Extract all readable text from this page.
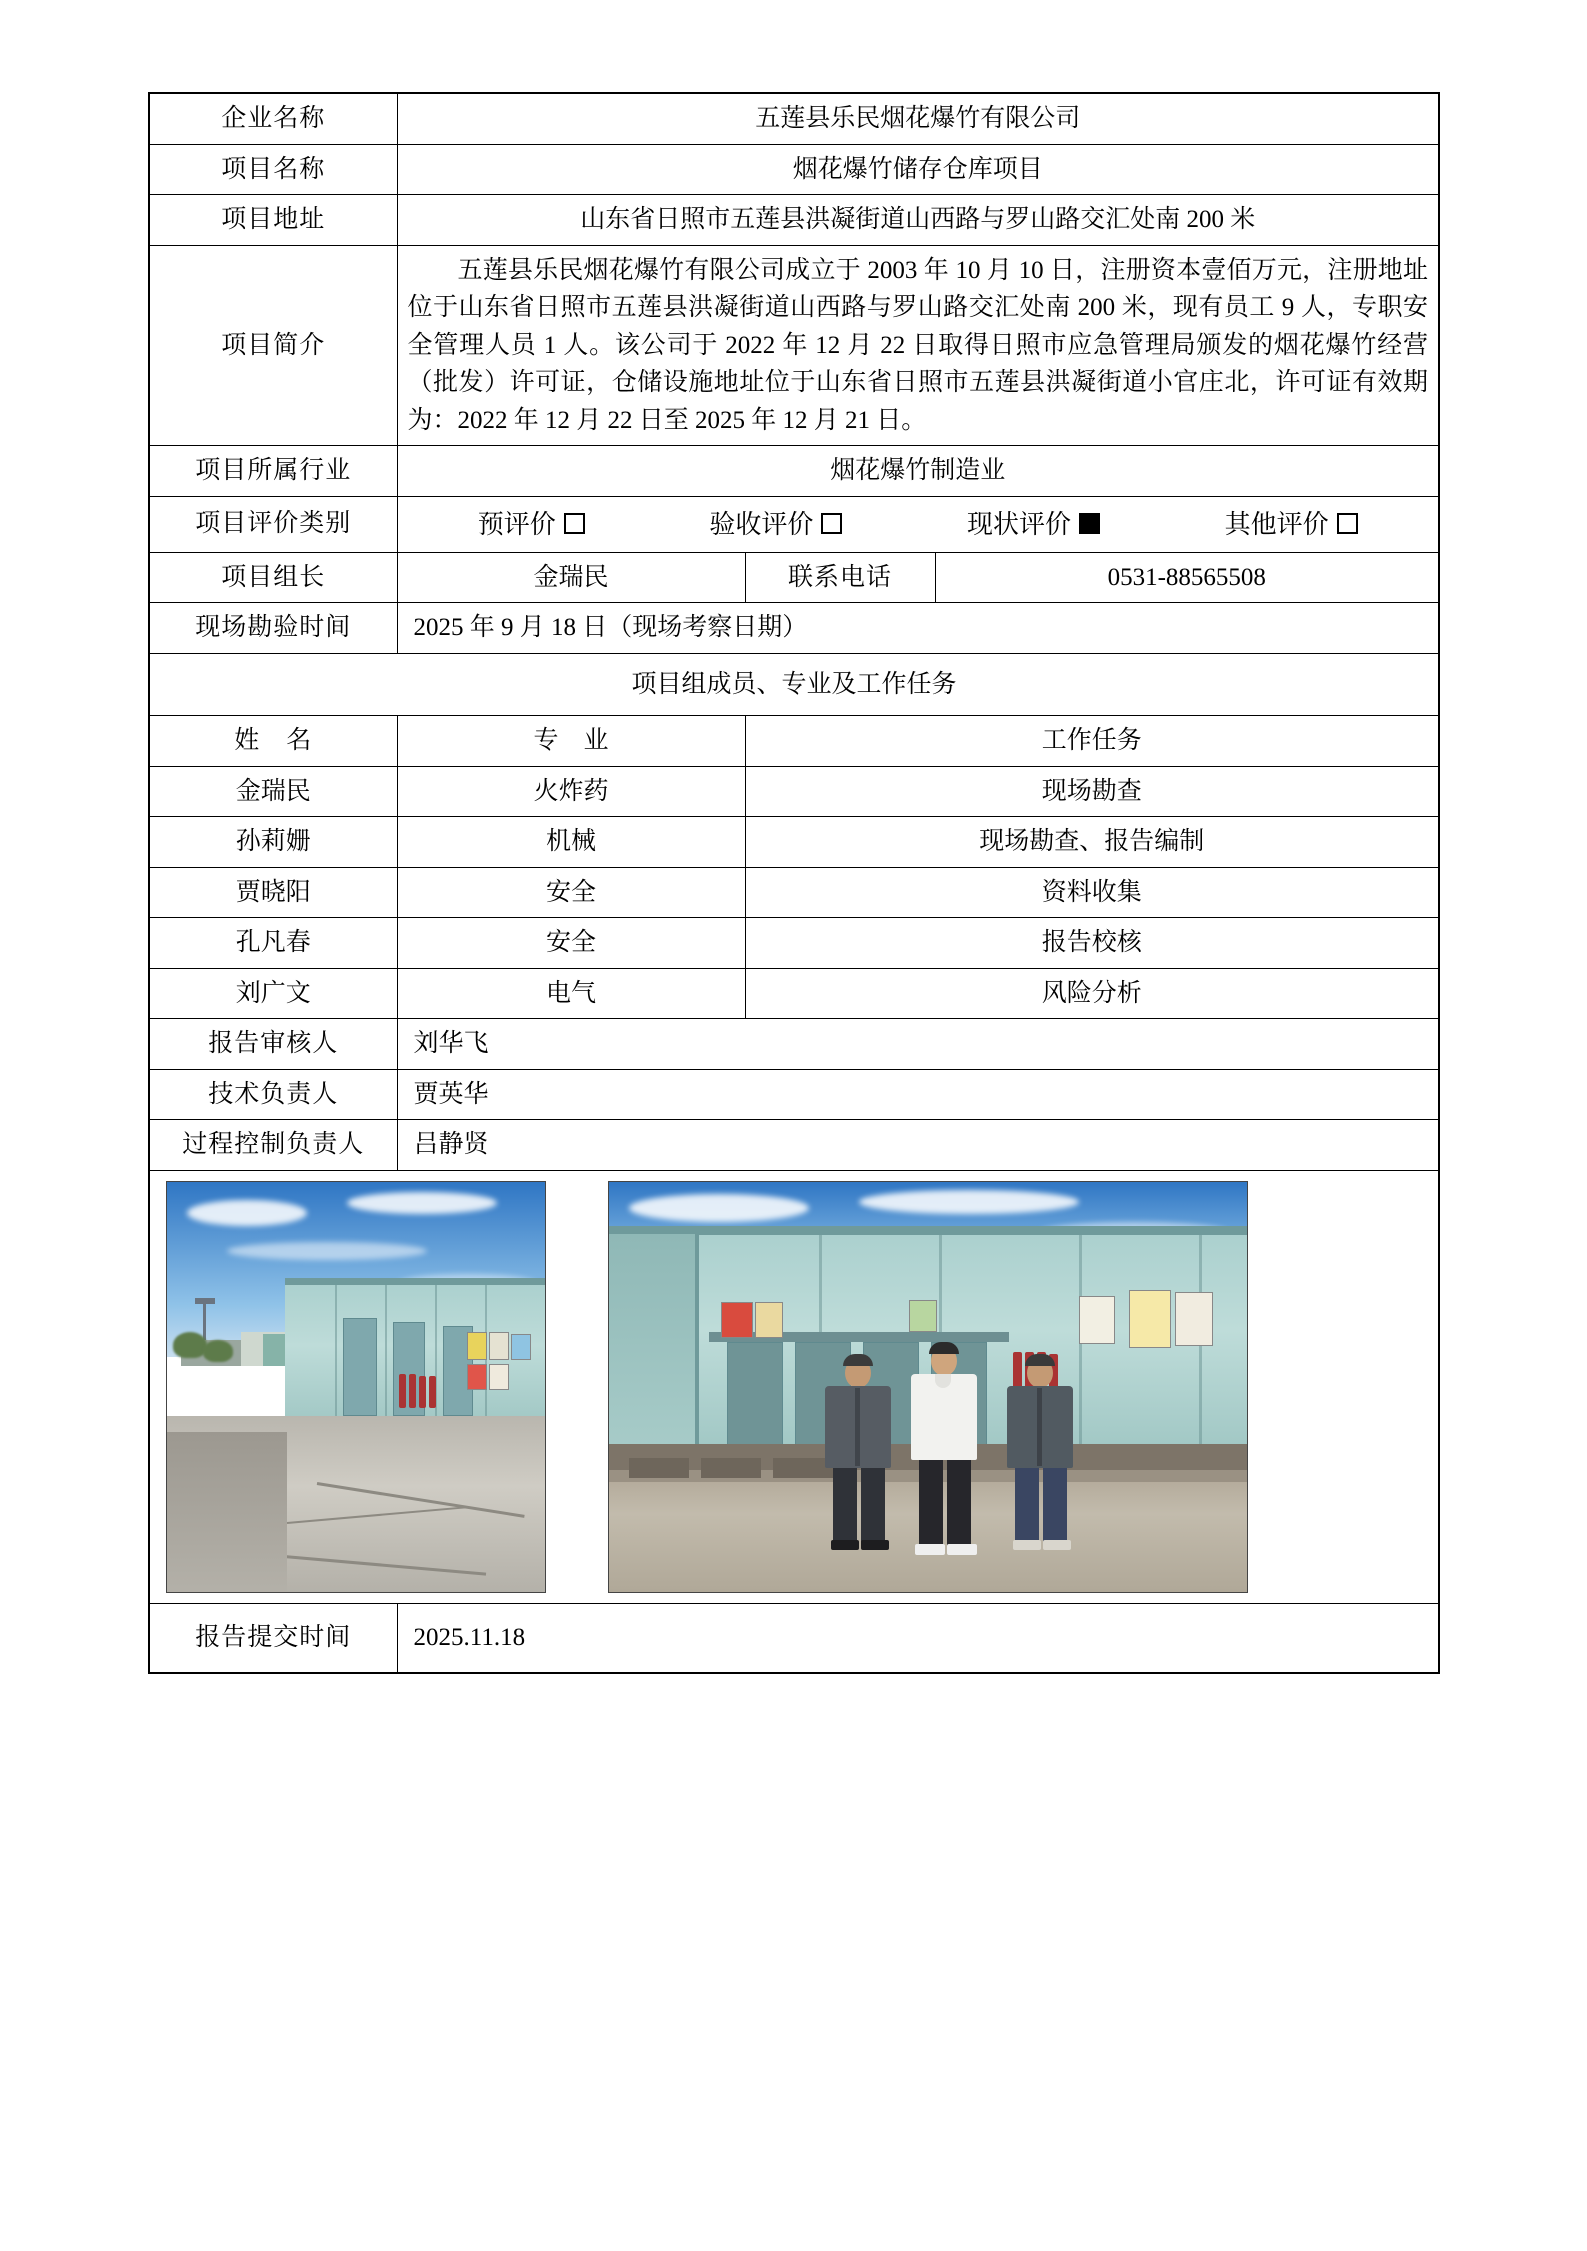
企业名称	五莲县乐民烟花爆竹有限公司		
项目名称	烟花爆竹储存仓库项目		
项目地址	山东省日照市五莲县洪凝街道山西路与罗山路交汇处南 200 米		
项目简介	五莲县乐民烟花爆竹有限公司成立于 2003 年 10 月 10 日，注册资本壹佰万元，注册地址位于山东省日照市五莲县洪凝街道山西路与罗山路交汇处南 200 米，现有员工 9 人，专职安全管理人员 1 人。该公司于 2022 年 12 月 22 日取得日照市应急管理局颁发的烟花爆竹经营（批发）许可证，仓储设施地址位于山东省日照市五莲县洪凝街道小官庄北，许可证有效期为：2022 年 12 月 22 日至 2025 年 12 月 21 日。		
项目所属行业	烟花爆竹制造业		
项目评价类别	预评价 验收评价 现状评价 其他评价		

项目组长	金瑞民	联系电话	0531-88565508
现场勘验时间	2025 年 9 月 18 日（现场考察日期）		
项目组成员、专业及工作任务			
姓　名	专　业	工作任务	
金瑞民	火炸药	现场勘查	
孙莉姗	机械	现场勘查、报告编制	
贾晓阳	安全	资料收集	
孔凡春	安全	报告校核	
刘广文	电气	风险分析	
报告审核人	刘华飞		
技术负责人	贾英华		
过程控制负责人	吕静贤		

报告提交时间	2025.11.18		
